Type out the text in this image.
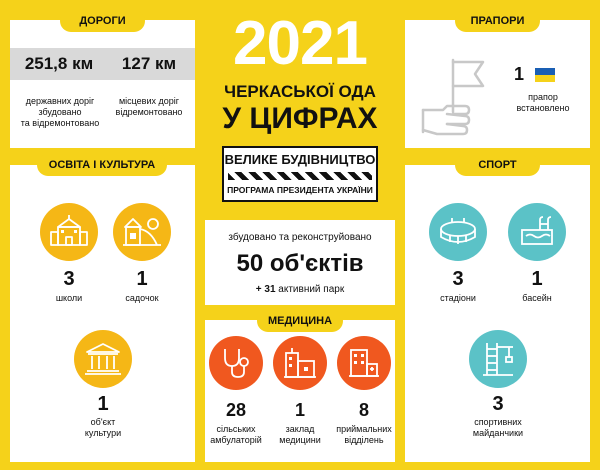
251,8 км	127 км
державних доріг
збудовано
та відремонтовано
місцевих доріг
відремонтовано
ДОРОГИ
1
прапор
встановлено
ПРАПОРИ
2021
ЧЕРКАСЬКОЇ ОДА
У ЦИФРАХ
ВЕЛИКЕ БУДІВНИЦТВО
ПРОГРАМА ПРЕЗИДЕНТА УКРАЇНИ
3	1
школи	садочок
1
об'єкт
культури
ОСВІТА І КУЛЬТУРА
збудовано та реконструйовано
50 об'єктів
+ 31 активний парк	3	1
стадіони	басейн
3
спортивних
майданчики
СПОРТ
28	1	8
сільських
амбулаторій
заклад
медицини
приймальних
відділень
МЕДИЦИНА
